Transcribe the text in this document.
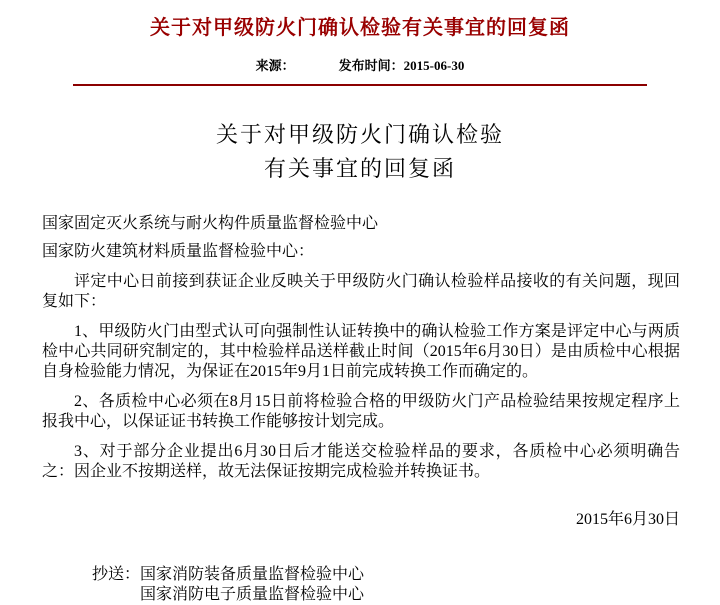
关于对甲级防火门确认检验有关事宜的回复函
来源：	发布时间：2015-06-30
关于对甲级防火门确认检验
有关事宜的回复函

国家固定灭火系统与耐火构件质量监督检验中心

国家防火建筑材料质量监督检验中心：

评定中心日前接到获证企业反映关于甲级防火门确认检验样品接收的有关问题，现回复如下：

1、甲级防火门由型式认可向强制性认证转换中的确认检验工作方案是评定中心与两质检中心共同研究制定的，其中检验样品送样截止时间（2015年6月30日）是由质检中心根据自身检验能力情况，为保证在2015年9月1日前完成转换工作而确定的。

2、各质检中心必须在8月15日前将检验合格的甲级防火门产品检验结果按规定程序上报我中心，以保证证书转换工作能够按计划完成。

3、对于部分企业提出6月30日后才能送交检验样品的要求，各质检中心必须明确告之：因企业不按期送样，故无法保证按期完成检验并转换证书。

2015年6月30日

抄送：国家消防装备质量监督检验中心
国家消防电子质量监督检验中心
